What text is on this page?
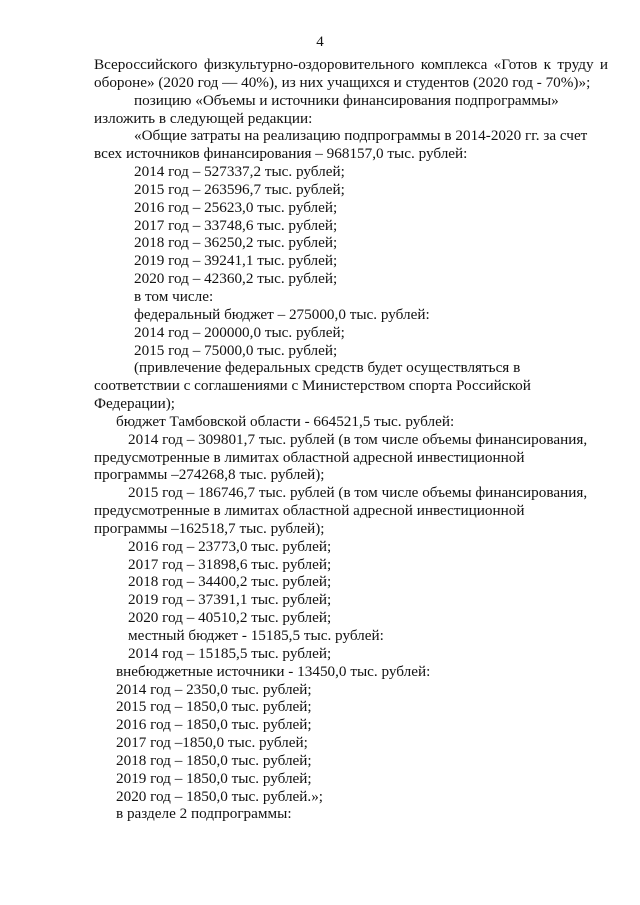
4
Всероссийского физкультурно-оздоровительного комплекса «Готов к труду и
обороне» (2020 год — 40%), из них учащихся и студентов (2020 год - 70%)»;
позицию «Объемы и источники финансирования подпрограммы»
изложить в следующей редакции:
«Общие затраты на реализацию подпрограммы в 2014-2020 гг. за счет
всех источников финансирования – 968157,0 тыс. рублей:
2014 год – 527337,2 тыс. рублей;
2015 год – 263596,7 тыс. рублей;
2016 год – 25623,0 тыс. рублей;
2017 год – 33748,6 тыс. рублей;
2018 год – 36250,2 тыс. рублей;
2019 год – 39241,1 тыс. рублей;
2020 год – 42360,2 тыс. рублей;
в том числе:
федеральный бюджет – 275000,0 тыс. рублей:
2014 год – 200000,0 тыс. рублей;
2015 год – 75000,0 тыс. рублей;
(привлечение федеральных средств будет осуществляться в
соответствии с соглашениями с Министерством спорта Российской
Федерации);
бюджет Тамбовской области - 664521,5 тыс. рублей:
2014 год – 309801,7 тыс. рублей (в том числе объемы финансирования,
предусмотренные в лимитах областной адресной инвестиционной
программы –274268,8 тыс. рублей);
2015 год – 186746,7 тыс. рублей (в том числе объемы финансирования,
предусмотренные в лимитах областной адресной инвестиционной
программы –162518,7 тыс. рублей);
2016 год – 23773,0 тыс. рублей;
2017 год – 31898,6 тыс. рублей;
2018 год – 34400,2 тыс. рублей;
2019 год – 37391,1 тыс. рублей;
2020 год – 40510,2 тыс. рублей;
местный бюджет - 15185,5 тыс. рублей:
2014 год – 15185,5 тыс. рублей;
внебюджетные источники - 13450,0 тыс. рублей:
2014 год – 2350,0 тыс. рублей;
2015 год – 1850,0 тыс. рублей;
2016 год – 1850,0 тыс. рублей;
2017 год –1850,0 тыс. рублей;
2018 год – 1850,0 тыс. рублей;
2019 год – 1850,0 тыс. рублей;
2020 год – 1850,0 тыс. рублей.»;
в разделе 2 подпрограммы:
